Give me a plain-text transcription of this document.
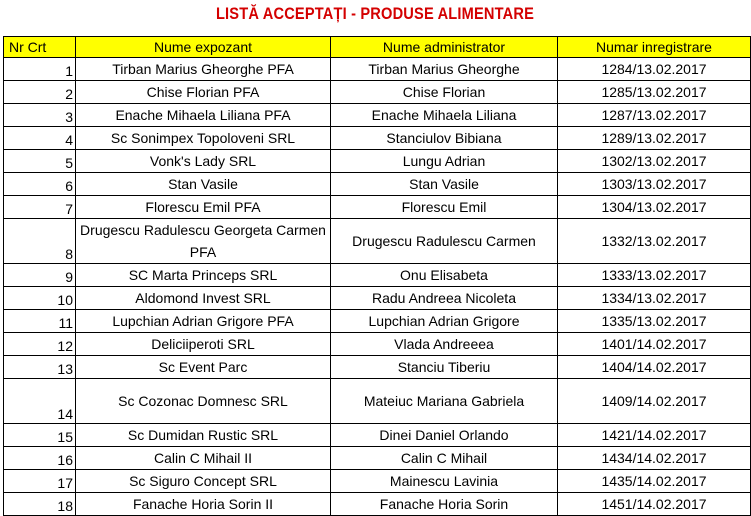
LISTĂ ACCEPTAȚI - PRODUSE ALIMENTARE
Nr Crt	Nume expozant	Nume administrator	Numar inregistrare
1	Tirban Marius Gheorghe PFA	Tirban Marius Gheorghe	1284/13.02.2017
2	Chise Florian PFA	Chise Florian	1285/13.02.2017
3	Enache Mihaela Liliana PFA	Enache Mihaela Liliana	1287/13.02.2017
4	Sc Sonimpex Topoloveni SRL	Stanciulov Bibiana	1289/13.02.2017
5	Vonk's Lady SRL	Lungu Adrian	1302/13.02.2017
6	Stan Vasile	Stan Vasile	1303/13.02.2017
7	Florescu Emil PFA	Florescu Emil	1304/13.02.2017
8	Drugescu Radulescu Georgeta Carmen PFA	Drugescu Radulescu Carmen	1332/13.02.2017
9	SC Marta Princeps SRL	Onu Elisabeta	1333/13.02.2017
10	Aldomond Invest SRL	Radu Andreea Nicoleta	1334/13.02.2017
11	Lupchian Adrian Grigore PFA	Lupchian Adrian Grigore	1335/13.02.2017
12	Deliciiperoti SRL	Vlada Andreeea	1401/14.02.2017
13	Sc Event Parc	Stanciu Tiberiu	1404/14.02.2017
14	Sc Cozonac Domnesc SRL	Mateiuc Mariana Gabriela	1409/14.02.2017
15	Sc Dumidan Rustic SRL	Dinei Daniel Orlando	1421/14.02.2017
16	Calin C Mihail II	Calin C Mihail	1434/14.02.2017
17	Sc Siguro Concept SRL	Mainescu Lavinia	1435/14.02.2017
18	Fanache Horia Sorin II	Fanache Horia Sorin	1451/14.02.2017
